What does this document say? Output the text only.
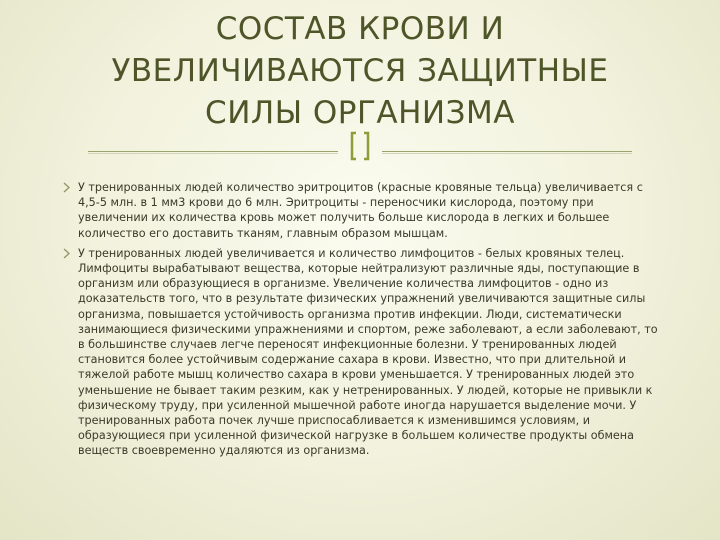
СОСТАВ КРОВИ И
УВЕЛИЧИВАЮТСЯ ЗАЩИТНЫЕ
СИЛЫ ОРГАНИЗМА
У тренированных людей количество эритроцитов (красные кровяные тельца) увеличивается с 4,5-5 млн. в 1 мм3 крови до 6 млн. Эритроциты - переносчики кислорода, поэтому при увеличении их количества кровь может получить больше кислорода в легких и большее количество его доставить тканям, главным образом мышцам.
У тренированных людей увеличивается и количество лимфоцитов - белых кровяных телец. Лимфоциты вырабатывают вещества, которые нейтрализуют различные яды, поступающие в организм или образующиеся в организме. Увеличение количества лимфоцитов - одно из доказательств того, что в результате физических упражнений увеличиваются защитные силы организма, повышается устойчивость организма против инфекции. Люди, систематически занимающиеся физическими упражнениями и спортом, реже заболевают, а если заболевают, то в большинстве случаев легче переносят инфекционные болезни. У тренированных людей становится более устойчивым содержание сахара в крови. Известно, что при длительной и тяжелой работе мышц количество сахара в крови уменьшается. У тренированных людей это уменьшение не бывает таким резким, как у нетренированных. У людей, которые не привыкли к физическому труду, при усиленной мышечной работе иногда нарушается выделение мочи. У тренированных работа почек лучше приспосабливается к изменившимся условиям, и образующиеся при усиленной физической нагрузке в большем количестве продукты обмена веществ своевременно удаляются из организма.
